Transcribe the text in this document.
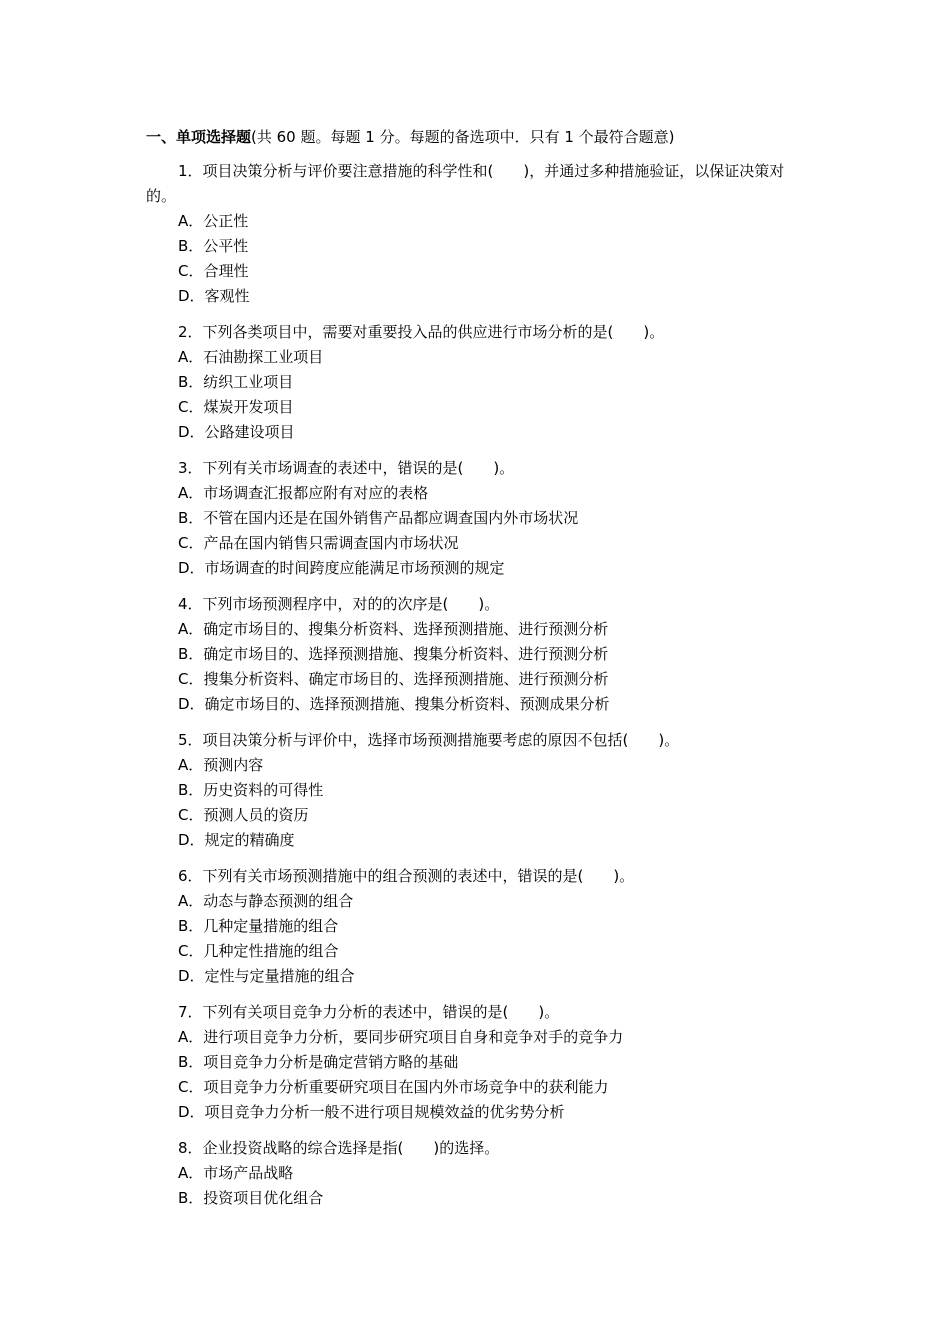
一、单项选择题(共 60 题。每题 1 分。每题的备选项中．只有 1 个最符合题意)
1．项目决策分析与评价要注意措施的科学性和(　　)，并通过多种措施验证，以保证决策对的。
A．公正性
B．公平性
C．合理性
D．客观性
2．下列各类项目中，需要对重要投入品的供应进行市场分析的是(　　)。
A．石油勘探工业项目
B．纺织工业项目
C．煤炭开发项目
D．公路建设项目
3．下列有关市场调查的表述中，错误的是(　　)。
A．市场调查汇报都应附有对应的表格
B．不管在国内还是在国外销售产品都应调查国内外市场状况
C．产品在国内销售只需调查国内市场状况
D．市场调查的时间跨度应能满足市场预测的规定
4．下列市场预测程序中，对的的次序是(　　)。
A．确定市场目的、搜集分析资料、选择预测措施、进行预测分析
B．确定市场目的、选择预测措施、搜集分析资料、进行预测分析
C．搜集分析资料、确定市场目的、选择预测措施、进行预测分析
D．确定市场目的、选择预测措施、搜集分析资料、预测成果分析
5．项目决策分析与评价中，选择市场预测措施要考虑的原因不包括(　　)。
A．预测内容
B．历史资料的可得性
C．预测人员的资历
D．规定的精确度
6．下列有关市场预测措施中的组合预测的表述中，错误的是(　　)。
A．动态与静态预测的组合
B．几种定量措施的组合
C．几种定性措施的组合
D．定性与定量措施的组合
7．下列有关项目竞争力分析的表述中，错误的是(　　)。
A．进行项目竞争力分析，要同步研究项目自身和竞争对手的竞争力
B．项目竞争力分析是确定营销方略的基础
C．项目竞争力分析重要研究项目在国内外市场竞争中的获利能力
D．项目竞争力分析一般不进行项目规模效益的优劣势分析
8．企业投资战略的综合选择是指(　　)的选择。
A．市场产品战略
B．投资项目优化组合
